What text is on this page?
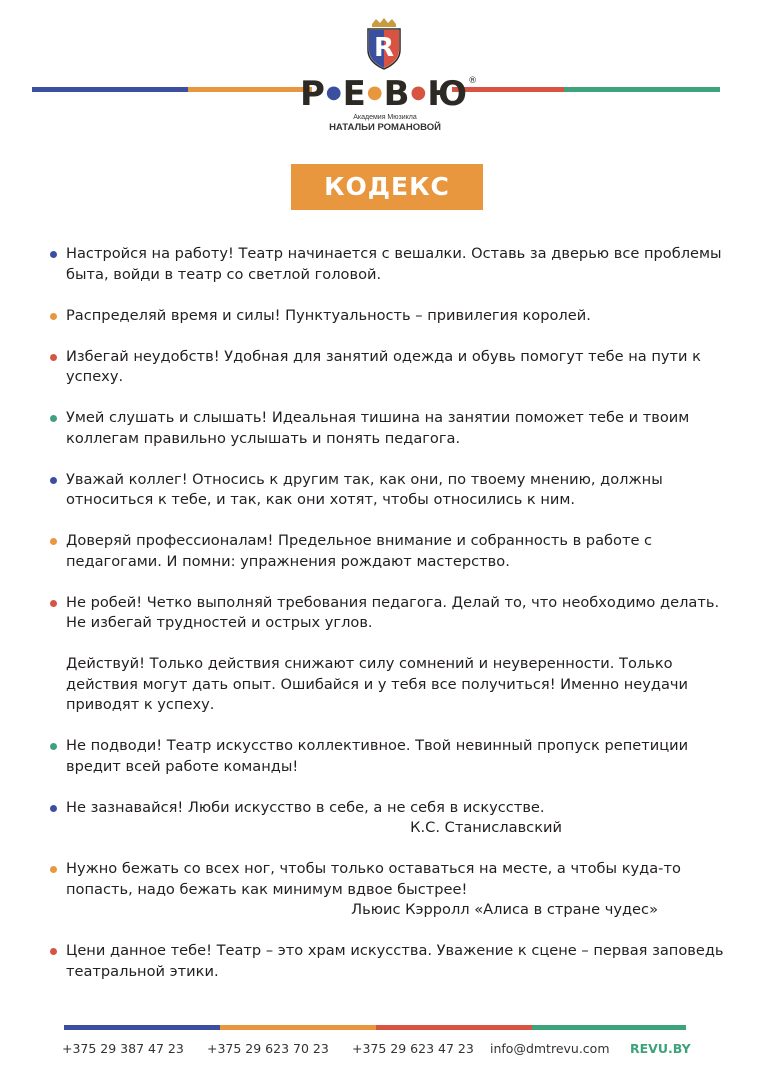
R
Р●Е●В●Ю®
Академия Мюзикла
НАТАЛЬИ РОМАНОВОЙ
КОДЕКС
Настройся на работу! Театр начинается с вешалки. Оставь за дверью все проблемы быта, войди в театр со светлой головой.
Распределяй время и силы! Пунктуальность – привилегия королей.
Избегай неудобств! Удобная для занятий одежда и обувь помогут тебе на пути к успеху.
Умей слушать и слышать! Идеальная тишина на занятии поможет тебе и твоим коллегам правильно услышать и понять педагога.
Уважай коллег! Относись к другим так, как они, по твоему мнению, должны относиться к тебе, и так, как они хотят, чтобы относились к ним.
Доверяй профессионалам! Предельное внимание и собранность в работе с педагогами. И помни: упражнения рождают мастерство.
Не робей! Четко выполняй требования педагога. Делай то, что необходимо делать. Не избегай трудностей и острых углов.
Действуй! Только действия снижают силу сомнений и неуверенности. Только действия могут дать опыт. Ошибайся и у тебя все получиться! Именно неудачи приводят к успеху.
Не подводи! Театр искусство коллективное. Твой невинный пропуск репетиции вредит всей работе команды!
Не зазнавайся! Люби искусство в себе, а не себя в искусстве.
К.С. Станиславский
Нужно бежать со всех ног, чтобы только оставаться на месте, а чтобы куда-то попасть, надо бежать как минимум вдвое быстрее!
Льюис Кэрролл «Алиса в стране чудес»
Цени данное тебе! Театр – это храм искусства. Уважение к сцене – первая заповедь театральной этики.
+375 29 387 47 23 +375 29 623 70 23 +375 29 623 47 23 info@dmtrevu.com REVU.BY
